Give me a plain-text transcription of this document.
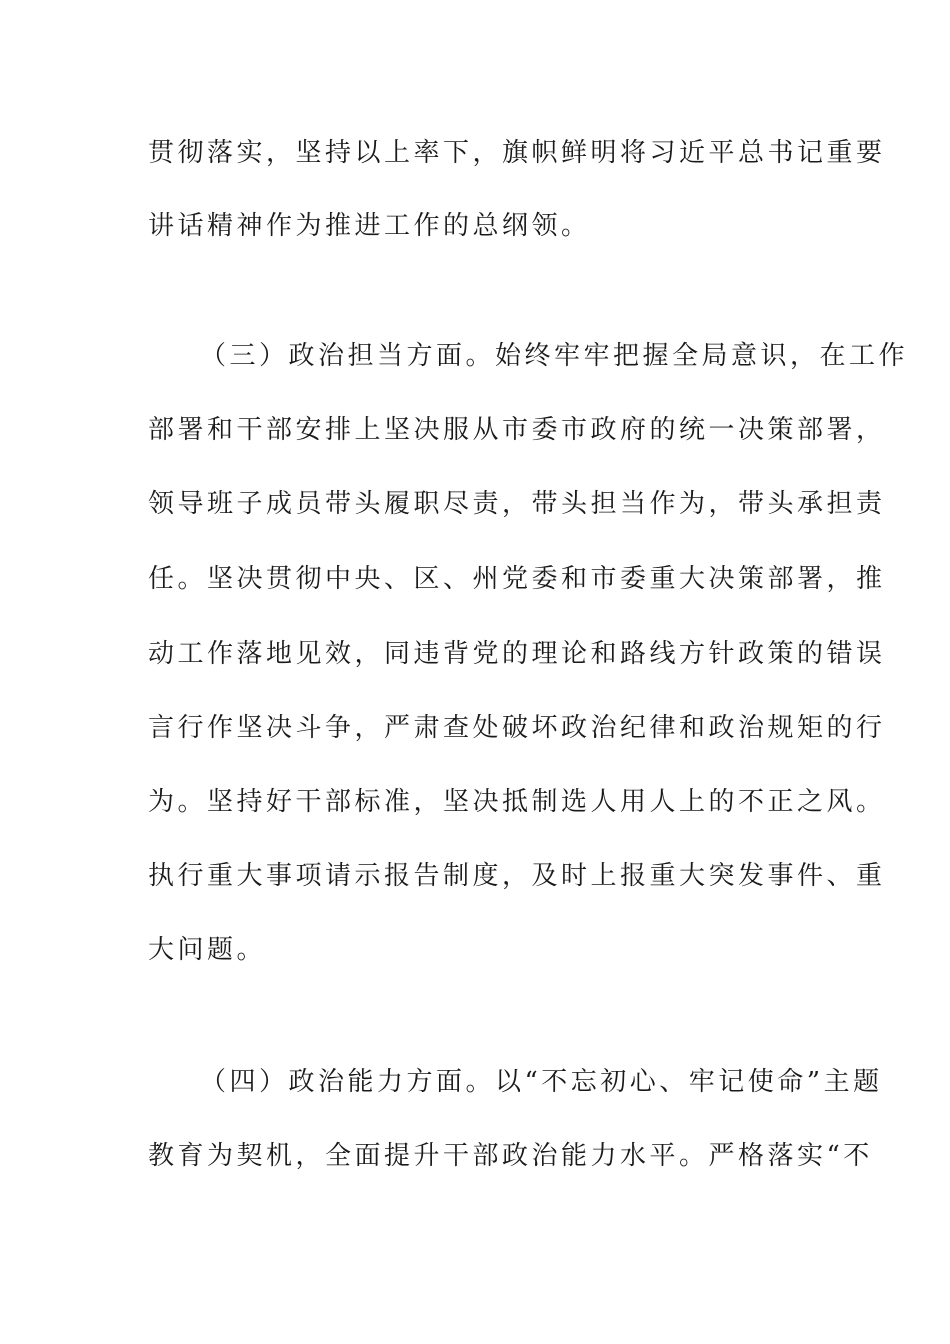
贯彻落实，坚持以上率下，旗帜鲜明将习近平总书记重要
讲话精神作为推进工作的总纲领。
（三）政治担当方面。始终牢牢把握全局意识，在工作
部署和干部安排上坚决服从市委市政府的统一决策部署，
领导班子成员带头履职尽责，带头担当作为，带头承担责
任。坚决贯彻中央、区、州党委和市委重大决策部署，推
动工作落地见效，同违背党的理论和路线方针政策的错误
言行作坚决斗争，严肃查处破坏政治纪律和政治规矩的行
为。坚持好干部标准，坚决抵制选人用人上的不正之风。
执行重大事项请示报告制度，及时上报重大突发事件、重
大问题。
（四）政治能力方面。以“不忘初心、牢记使命”主题
教育为契机，全面提升干部政治能力水平。严格落实“不
